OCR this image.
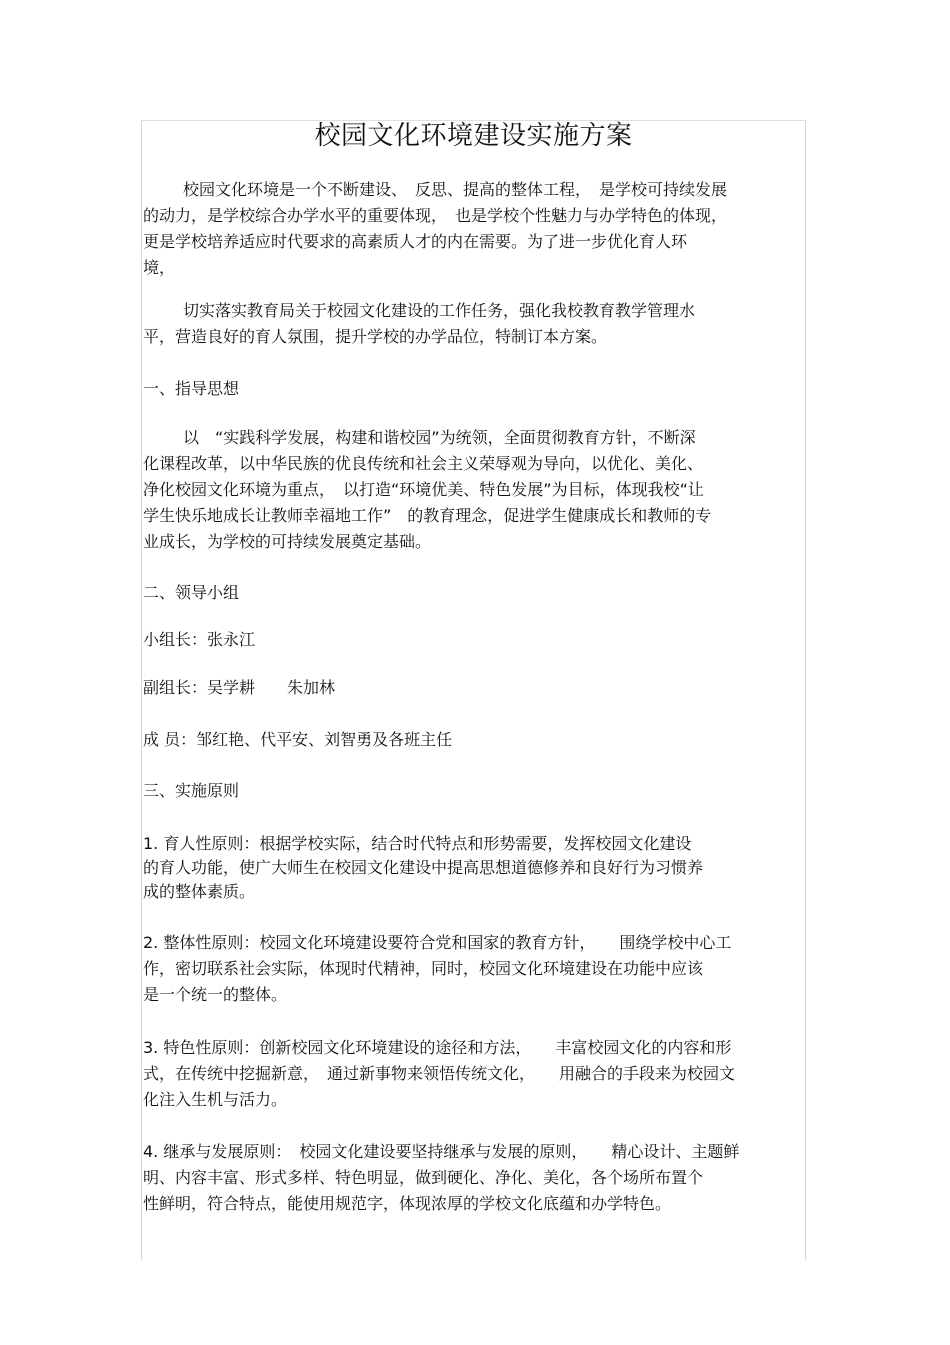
校园文化环境建设实施方案
校园文化环境是一个不断建设、　反思、提高的整体工程，　是学校可持续发展
的动力，是学校综合办学水平的重要体现，　也是学校个性魅力与办学特色的体现，
更是学校培养适应时代要求的高素质人才的内在需要。为了进一步优化育人环
境，
切实落实教育局关于校园文化建设的工作任务，强化我校教育教学管理水
平，营造良好的育人氛围，提升学校的办学品位，特制订本方案。
一、指导思想
以　“实践科学发展，构建和谐校园”为统领，全面贯彻教育方针，不断深
化课程改革，以中华民族的优良传统和社会主义荣辱观为导向，以优化、美化、
净化校园文化环境为重点，　以打造“环境优美、特色发展”为目标，体现我校“让
学生快乐地成长让教师幸福地工作”　的教育理念，促进学生健康成长和教师的专
业成长，为学校的可持续发展奠定基础。
二、领导小组
小组长：张永江
副组长：吴学耕　　朱加林
成 员：邹红艳、代平安、刘智勇及各班主任
三、实施原则
1. 育人性原则：根据学校实际，结合时代特点和形势需要，发挥校园文化建设
的育人功能，使广大师生在校园文化建设中提高思想道德修养和良好行为习惯养
成的整体素质。
2. 整体性原则：校园文化环境建设要符合党和国家的教育方针，　　围绕学校中心工
作，密切联系社会实际，体现时代精神，同时，校园文化环境建设在功能中应该
是一个统一的整体。
3. 特色性原则：创新校园文化环境建设的途径和方法，　　丰富校园文化的内容和形
式，在传统中挖掘新意，　通过新事物来领悟传统文化，　　用融合的手段来为校园文
化注入生机与活力。
4. 继承与发展原则：　校园文化建设要坚持继承与发展的原则，　　精心设计、主题鲜
明、内容丰富、形式多样、特色明显，做到硬化、净化、美化，各个场所布置个
性鲜明，符合特点，能使用规范字，体现浓厚的学校文化底蕴和办学特色。
